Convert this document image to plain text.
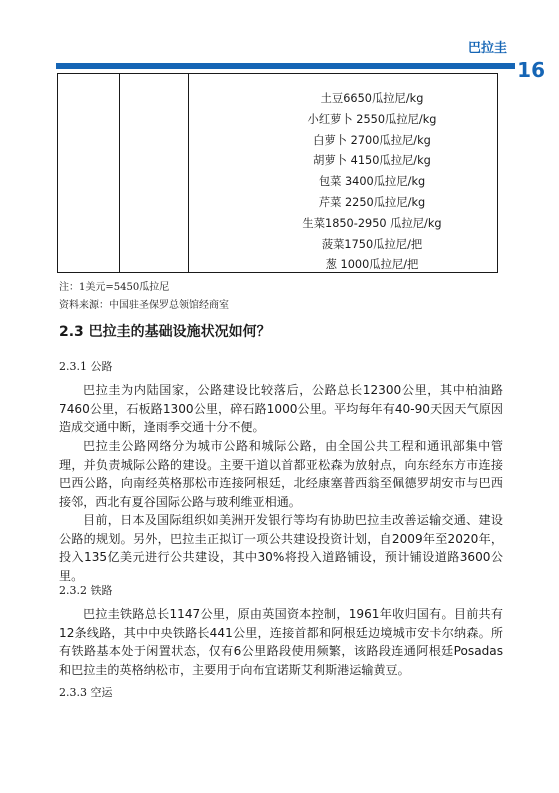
巴拉圭
16
土豆6650瓜拉尼/kg
小红萝卜 2550瓜拉尼/kg
白萝卜 2700瓜拉尼/kg
胡萝卜 4150瓜拉尼/kg
包菜 3400瓜拉尼/kg
芹菜 2250瓜拉尼/kg
生菜1850-2950 瓜拉尼/kg
菠菜1750瓜拉尼/把
葱 1000瓜拉尼/把
注：1美元=5450瓜拉尼
资料来源：中国驻圣保罗总领馆经商室
2.3 巴拉圭的基础设施状况如何？
2.3.1 公路

巴拉圭为内陆国家，公路建设比较落后，公路总长12300公里，其中柏油路7460公里，石板路1300公里，碎石路1000公里。平均每年有40-90天因天气原因造成交通中断，逢雨季交通十分不便。

巴拉圭公路网络分为城市公路和城际公路，由全国公共工程和通讯部集中管理，并负责城际公路的建设。主要干道以首都亚松森为放射点，向东经东方市连接巴西公路，向南经英格那松市连接阿根廷，北经康塞普西翁至佩德罗胡安市与巴西接邻，西北有夏谷国际公路与玻利维亚相通。

目前，日本及国际组织如美洲开发银行等均有协助巴拉圭改善运输交通、建设公路的规划。另外，巴拉圭正拟订一项公共建设投资计划，自2009年至2020年，投入135亿美元进行公共建设，其中30%将投入道路铺设，预计铺设道路3600公里。

2.3.2 铁路

巴拉圭铁路总长1147公里，原由英国资本控制，1961年收归国有。目前共有12条线路，其中中央铁路长441公里，连接首都和阿根廷边境城市安卡尔纳森。所有铁路基本处于闲置状态，仅有6公里路段使用频繁，该路段连通阿根廷Posadas和巴拉圭的英格纳松市，主要用于向布宜诺斯艾利斯港运输黄豆。

2.3.3 空运
